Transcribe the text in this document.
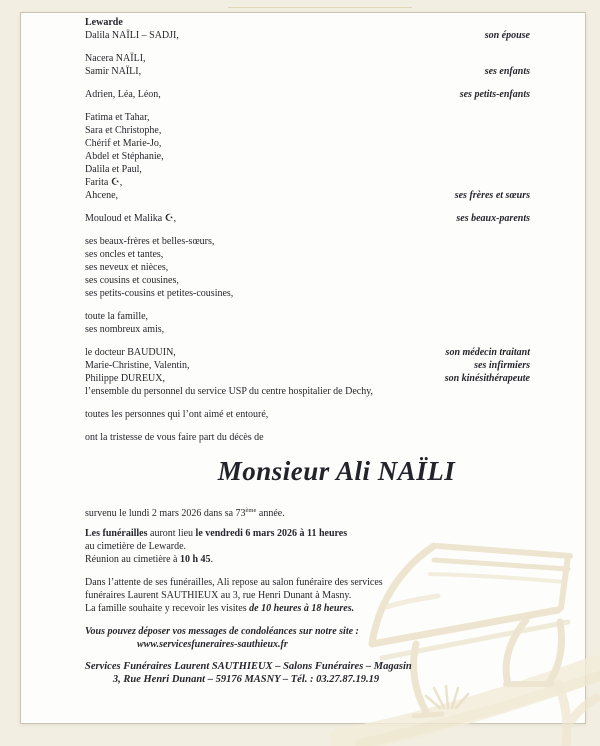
Lewarde
Dalila NAÏLI – SADJI,	son épouse
Nacera NAÏLI,
Samir NAÏLI,	ses enfants
Adrien, Léa, Léon,	ses petits-enfants
Fatima et Tahar,
Sara et Christophe,
Chérif et Marie-Jo,
Abdel et Stéphanie,
Dalila et Paul,
Farita ☪,
Ahcene,	ses frères et sœurs
Mouloud et Malika ☪,	ses beaux-parents
ses beaux-frères et belles-sœurs,
ses oncles et tantes,
ses neveux et nièces,
ses cousins et cousines,
ses petits-cousins et petites-cousines,
toute la famille,
ses nombreux amis,
le docteur BAUDUIN,	son médecin traitant
Marie-Christine, Valentin,	ses infirmiers
Philippe DUREUX,	son kinésithérapeute
l’ensemble du personnel du service USP du centre hospitalier de Dechy,
toutes les personnes qui l’ont aimé et entouré,
ont la tristesse de vous faire part du décès de
Monsieur Ali NAÏLI
survenu le lundi 2 mars 2026 dans sa 73ème année.
Les funérailles auront lieu le vendredi 6 mars 2026 à 11 heures
au cimetière de Lewarde.
Réunion au cimetière à 10 h 45.
Dans l’attente de ses funérailles, Ali repose au salon funéraire des services
funéraires Laurent SAUTHIEUX au 3, rue Henri Dunant à Masny.
La famille souhaite y recevoir les visites de 10 heures à 18 heures.
Vous pouvez déposer vos messages de condoléances sur notre site :
www.servicesfuneraires-sauthieux.fr
Services Funéraires Laurent SAUTHIEUX – Salons Funéraires – Magasin
3, Rue Henri Dunant – 59176 MASNY – Tél. : 03.27.87.19.19
